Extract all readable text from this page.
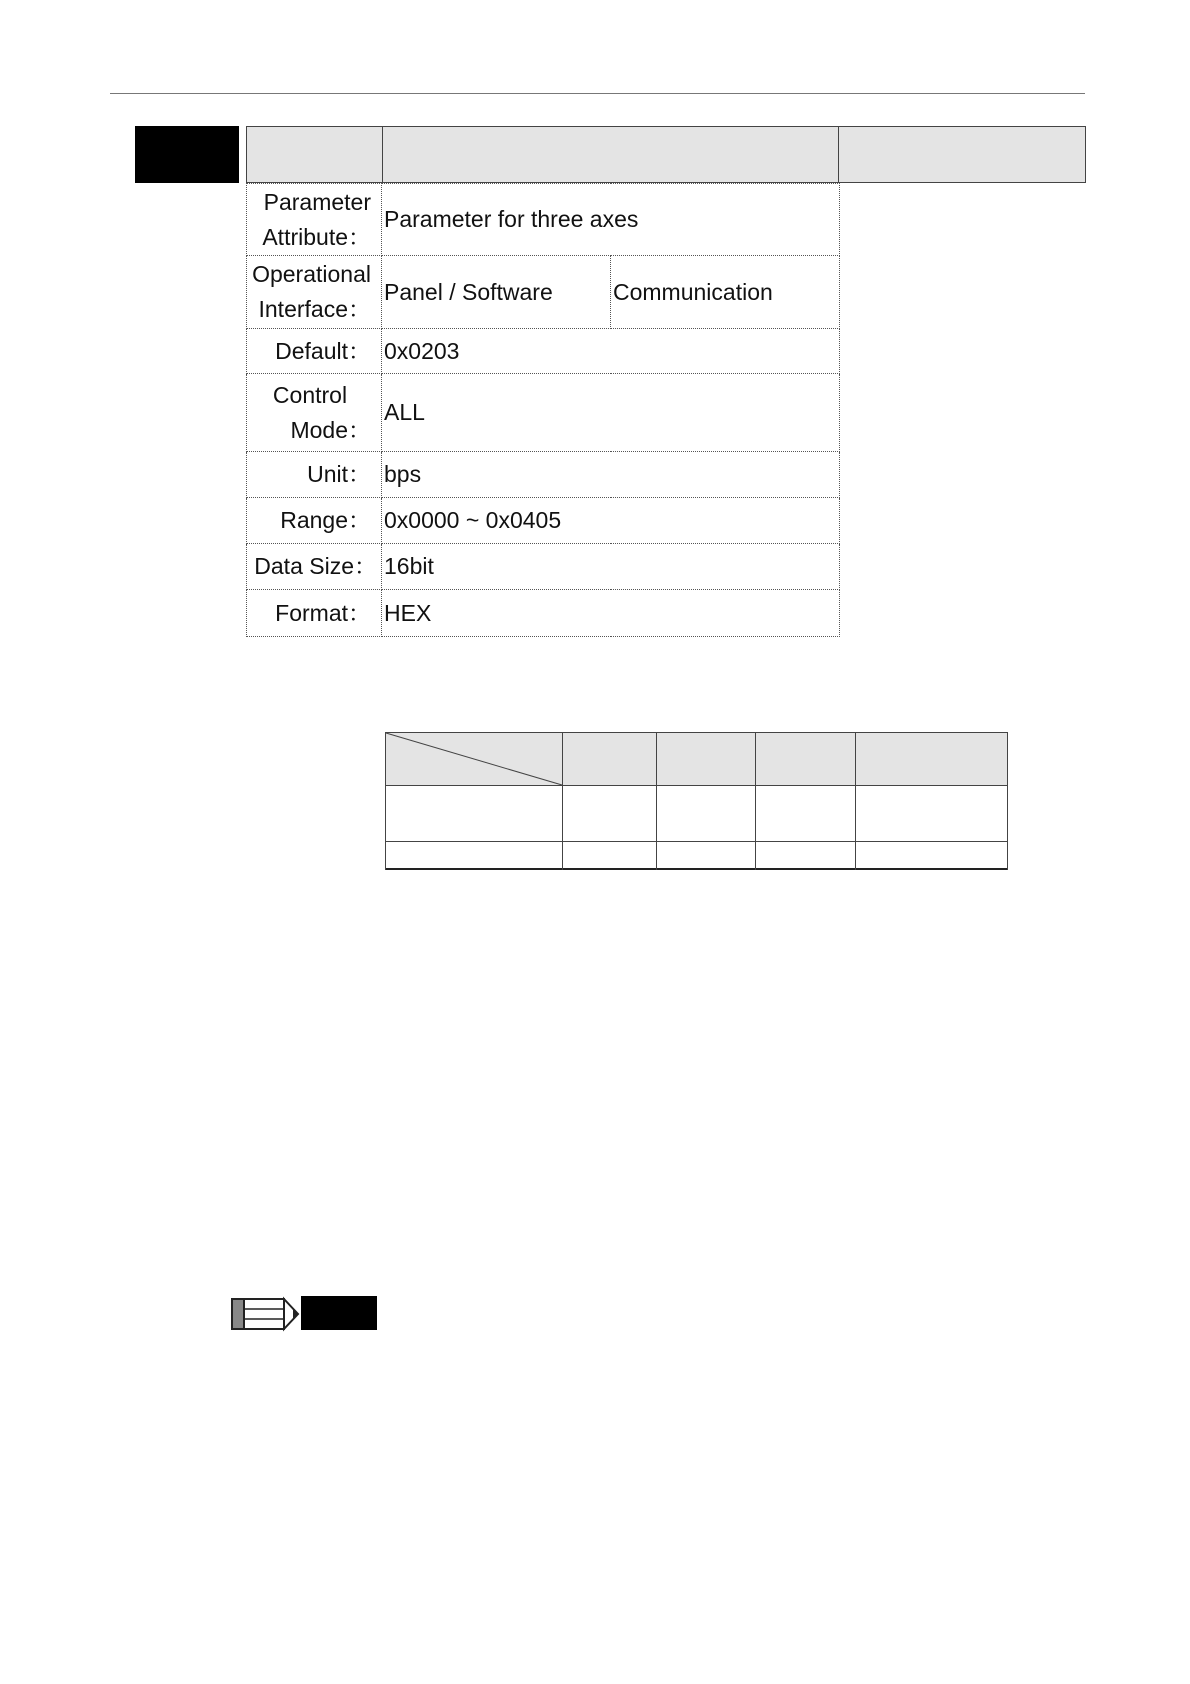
Parameter
Attribute：	Parameter for three axes	

Operational
Interface：	Panel / Software	Communication
Default：	0x0203	

Control
Mode：	ALL	
Unit：	bps	
Range：	0x0000 ~ 0x0405	
Data Size：	16bit	
Format：	HEX	
